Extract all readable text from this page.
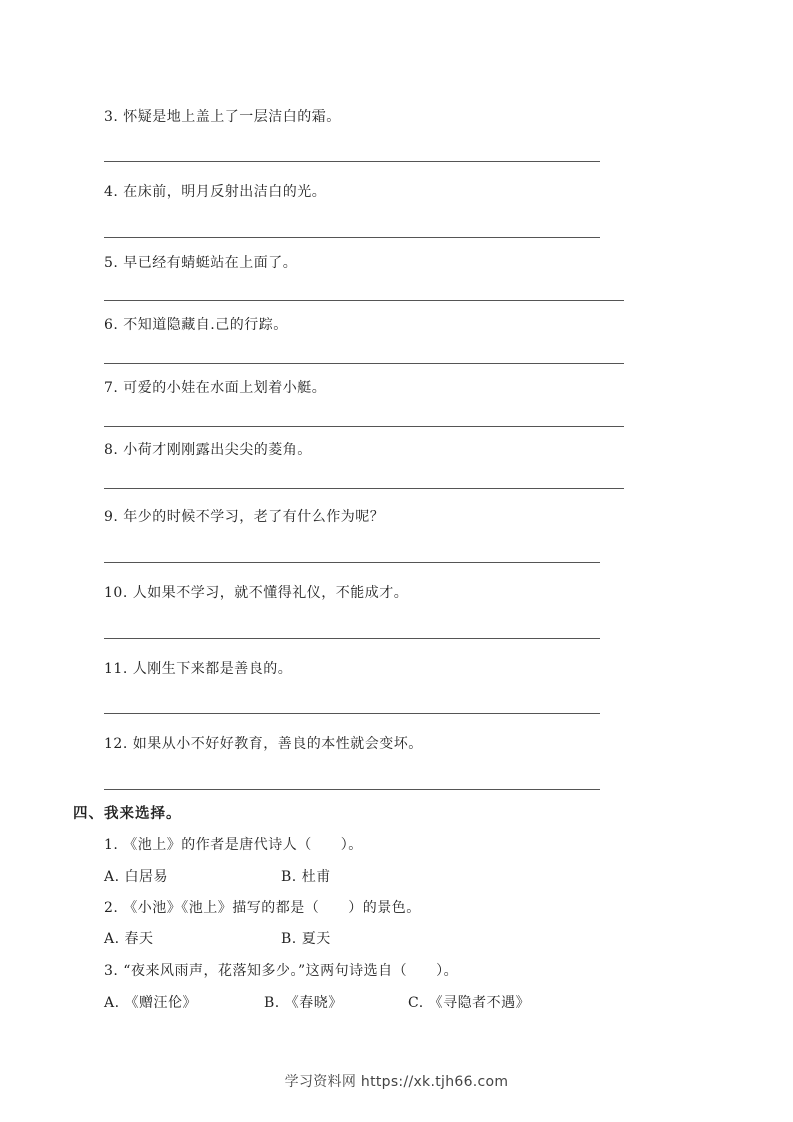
3. 怀疑是地上盖上了一层洁白的霜。
4. 在床前，明月反射出洁白的光。
5. 早已经有蜻蜓站在上面了。
6. 不知道隐藏自.己的行踪。
7. 可爱的小娃在水面上划着小艇。
8. 小荷才刚刚露出尖尖的菱角。
9. 年少的时候不学习，老了有什么作为呢？
10. 人如果不学习，就不懂得礼仪，不能成才。
11. 人刚生下来都是善良的。
12. 如果从小不好好教育，善良的本性就会变坏。
四、我来选择。
1. 《池上》的作者是唐代诗人（　　）。
A. 白居易	B. 杜甫
2. 《小池》《池上》描写的都是（　　）的景色。
A. 春天	B. 夏天
3. “夜来风雨声，花落知多少。”这两句诗选自（　　）。
A. 《赠汪伦》	B. 《春晓》	C. 《寻隐者不遇》
学习资料网 https://xk.tjh66.com
